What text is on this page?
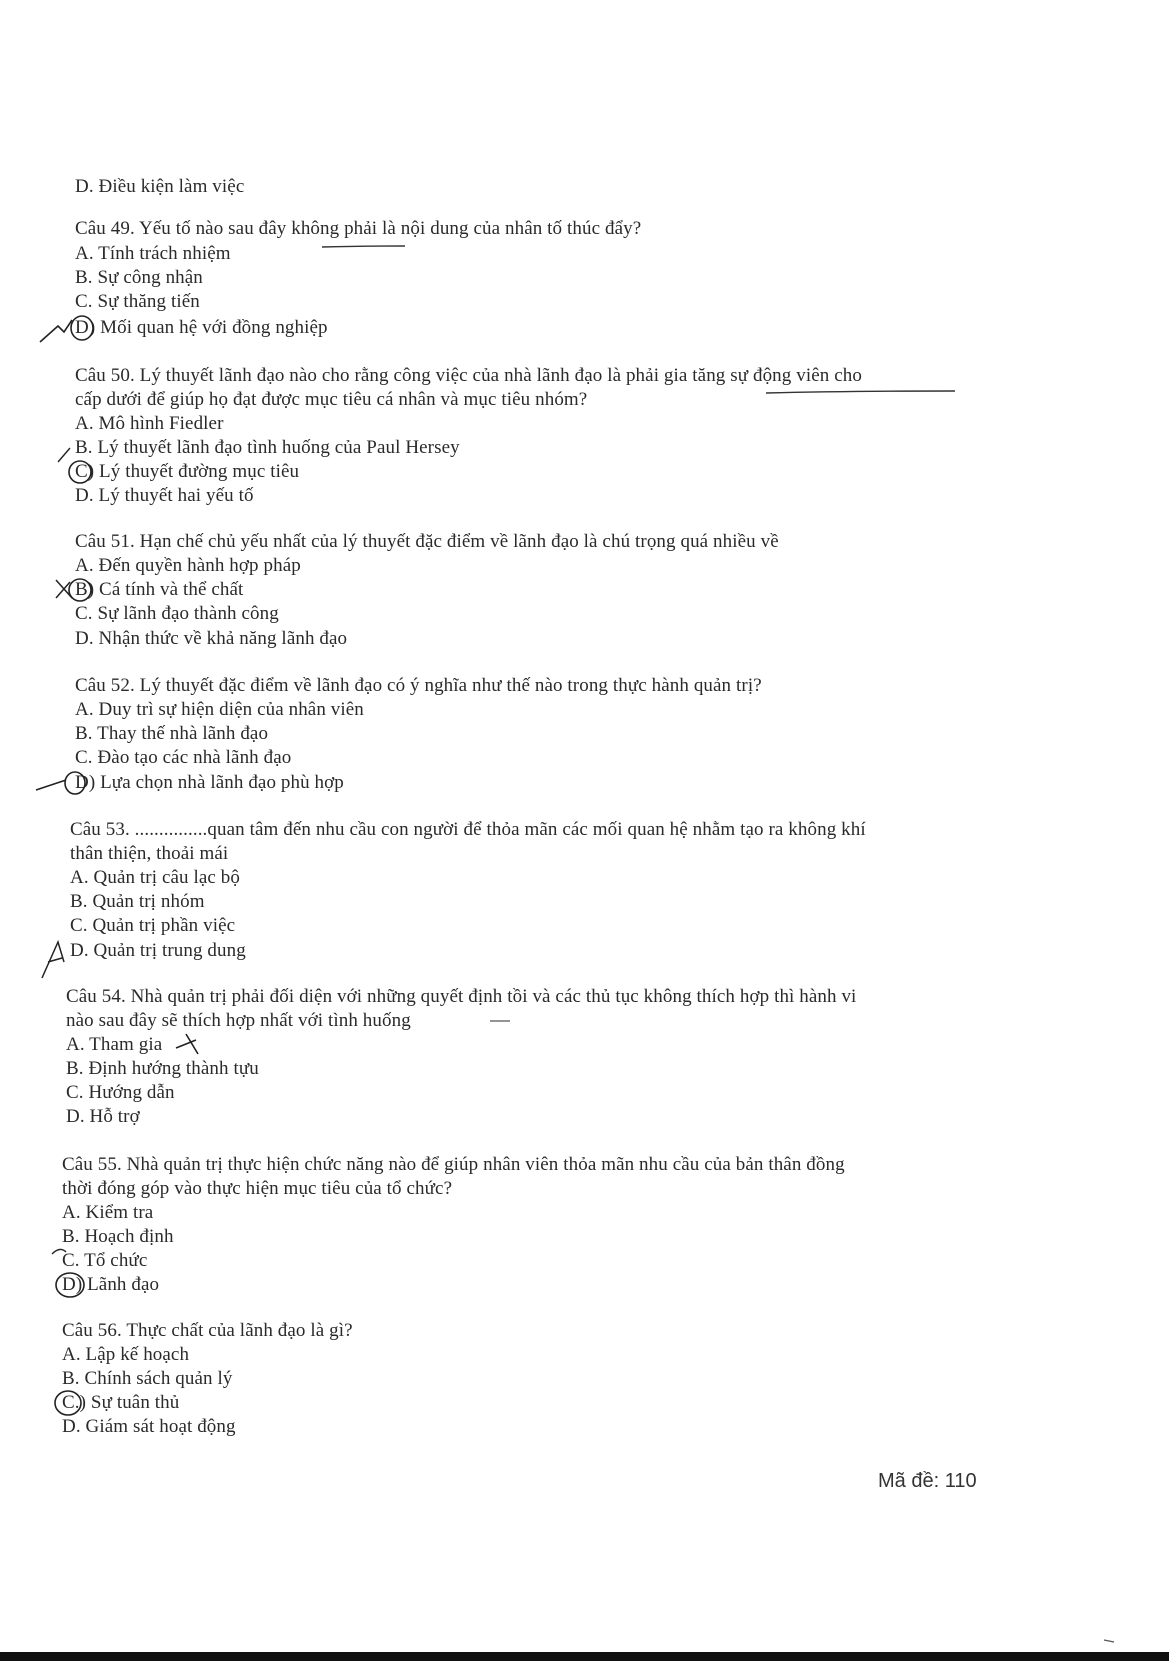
D. Điều kiện làm việc
Câu 49. Yếu tố nào sau đây không phải là nội dung của nhân tố thúc đẩy?
A. Tính trách nhiệm
B. Sự công nhận
C. Sự thăng tiến
D) Mối quan hệ với đồng nghiệp
Câu 50. Lý thuyết lãnh đạo nào cho rằng công việc của nhà lãnh đạo là phải gia tăng sự động viên cho
cấp dưới để giúp họ đạt được mục tiêu cá nhân và mục tiêu nhóm?
A. Mô hình Fiedler
B. Lý thuyết lãnh đạo tình huống của Paul Hersey
C) Lý thuyết đường mục tiêu
D. Lý thuyết hai yếu tố
Câu 51. Hạn chế chủ yếu nhất của lý thuyết đặc điểm về lãnh đạo là chú trọng quá nhiều về
A. Đến quyền hành hợp pháp
B) Cá tính và thể chất
C. Sự lãnh đạo thành công
D. Nhận thức về khả năng lãnh đạo
Câu 52. Lý thuyết đặc điểm về lãnh đạo có ý nghĩa như thế nào trong thực hành quản trị?
A. Duy trì sự hiện diện của nhân viên
B. Thay thế nhà lãnh đạo
C. Đào tạo các nhà lãnh đạo
D) Lựa chọn nhà lãnh đạo phù hợp
Câu 53. ...............quan tâm đến nhu cầu con người để thỏa mãn các mối quan hệ nhằm tạo ra không khí
thân thiện, thoải mái
A. Quản trị câu lạc bộ
B. Quản trị nhóm
C. Quản trị phần việc
D. Quản trị trung dung
Câu 54. Nhà quản trị phải đối diện với những quyết định tồi và các thủ tục không thích hợp thì hành vi
nào sau đây sẽ thích hợp nhất với tình huống
A. Tham gia
B. Định hướng thành tựu
C. Hướng dẫn
D. Hỗ trợ
Câu 55. Nhà quản trị thực hiện chức năng nào để giúp nhân viên thỏa mãn nhu cầu của bản thân đồng
thời đóng góp vào thực hiện mục tiêu của tổ chức?
A. Kiểm tra
B. Hoạch định
C. Tổ chức
D) Lãnh đạo
Câu 56. Thực chất của lãnh đạo là gì?
A. Lập kế hoạch
B. Chính sách quản lý
C.) Sự tuân thủ
D. Giám sát hoạt động
Mã đề: 110
